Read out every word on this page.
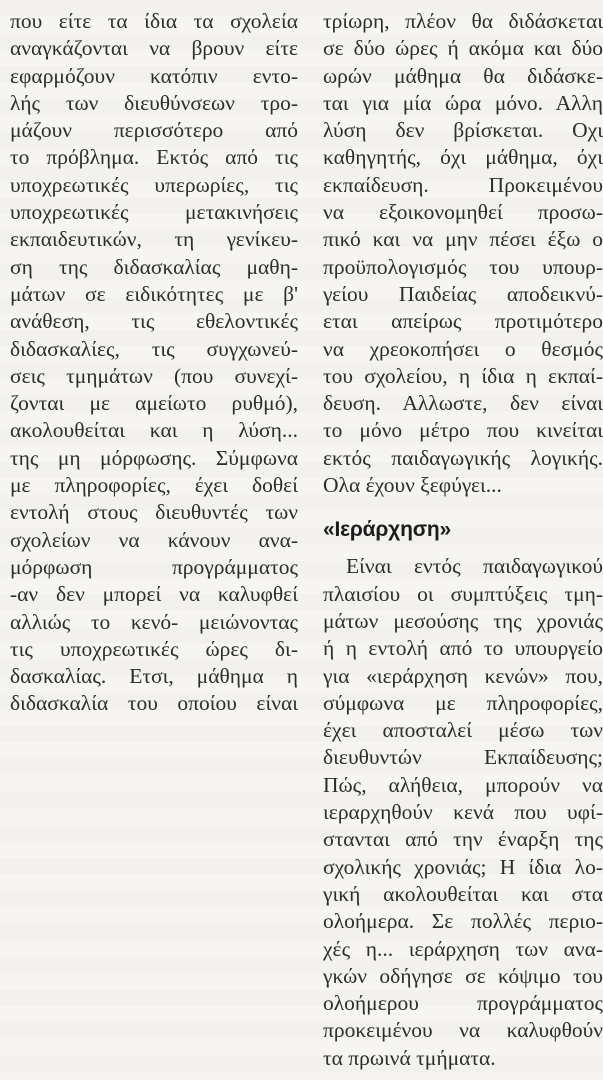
που είτε τα ίδια τα σχολεία
αναγκάζονται να βρουν είτε
εφαρμόζουν κατόπιν εντο-
λής των διευθύνσεων τρο-
μάζουν περισσότερο από
το πρόβλημα. Εκτός από τις
υποχρεωτικές υπερωρίες, τις
υποχρεωτικές μετακινήσεις
εκπαιδευτικών, τη γενίκευ-
ση της διδασκαλίας μαθη-
μάτων σε ειδικότητες με β'
ανάθεση, τις εθελοντικές
διδασκαλίες, τις συγχωνεύ-
σεις τμημάτων (που συνεχί-
ζονται με αμείωτο ρυθμό),
ακολουθείται και η λύση...
της μη μόρφωσης. Σύμφωνα
με πληροφορίες, έχει δοθεί
εντολή στους διευθυντές των
σχολείων να κάνουν ανα-
μόρφωση προγράμματος
-αν δεν μπορεί να καλυφθεί
αλλιώς το κενό- μειώνοντας
τις υποχρεωτικές ώρες δι-
δασκαλίας. Ετσι, μάθημα η
διδασκαλία του οποίου είναι
τρίωρη, πλέον θα διδάσκεται
σε δύο ώρες ή ακόμα και δύο
ωρών μάθημα θα διδάσκε-
ται για μία ώρα μόνο. Αλλη
λύση δεν βρίσκεται. Οχι
καθηγητής, όχι μάθημα, όχι
εκπαίδευση. Προκειμένου
να εξοικονομηθεί προσω-
πικό και να μην πέσει έξω ο
προϋπολογισμός του υπουρ-
γείου Παιδείας αποδεικνύ-
εται απείρως προτιμότερο
να χρεοκοπήσει ο θεσμός
του σχολείου, η ίδια η εκπαί-
δευση. Αλλωστε, δεν είναι
το μόνο μέτρο που κινείται
εκτός παιδαγωγικής λογικής.
Ολα έχουν ξεφύγει...
«Ιεράρχηση»
Είναι εντός παιδαγωγικού
πλαισίου οι συμπτύξεις τμη-
μάτων μεσούσης της χρονιάς
ή η εντολή από το υπουργείο
για «ιεράρχηση κενών» που,
σύμφωνα με πληροφορίες,
έχει αποσταλεί μέσω των
διευθυντών Εκπαίδευσης;
Πώς, αλήθεια, μπορούν να
ιεραρχηθούν κενά που υφί-
στανται από την έναρξη της
σχολικής χρονιάς; Η ίδια λο-
γική ακολουθείται και στα
ολοήμερα. Σε πολλές περιο-
χές η... ιεράρχηση των ανα-
γκών οδήγησε σε κόψιμο του
ολοήμερου προγράμματος
προκειμένου να καλυφθούν
τα πρωινά τμήματα.
